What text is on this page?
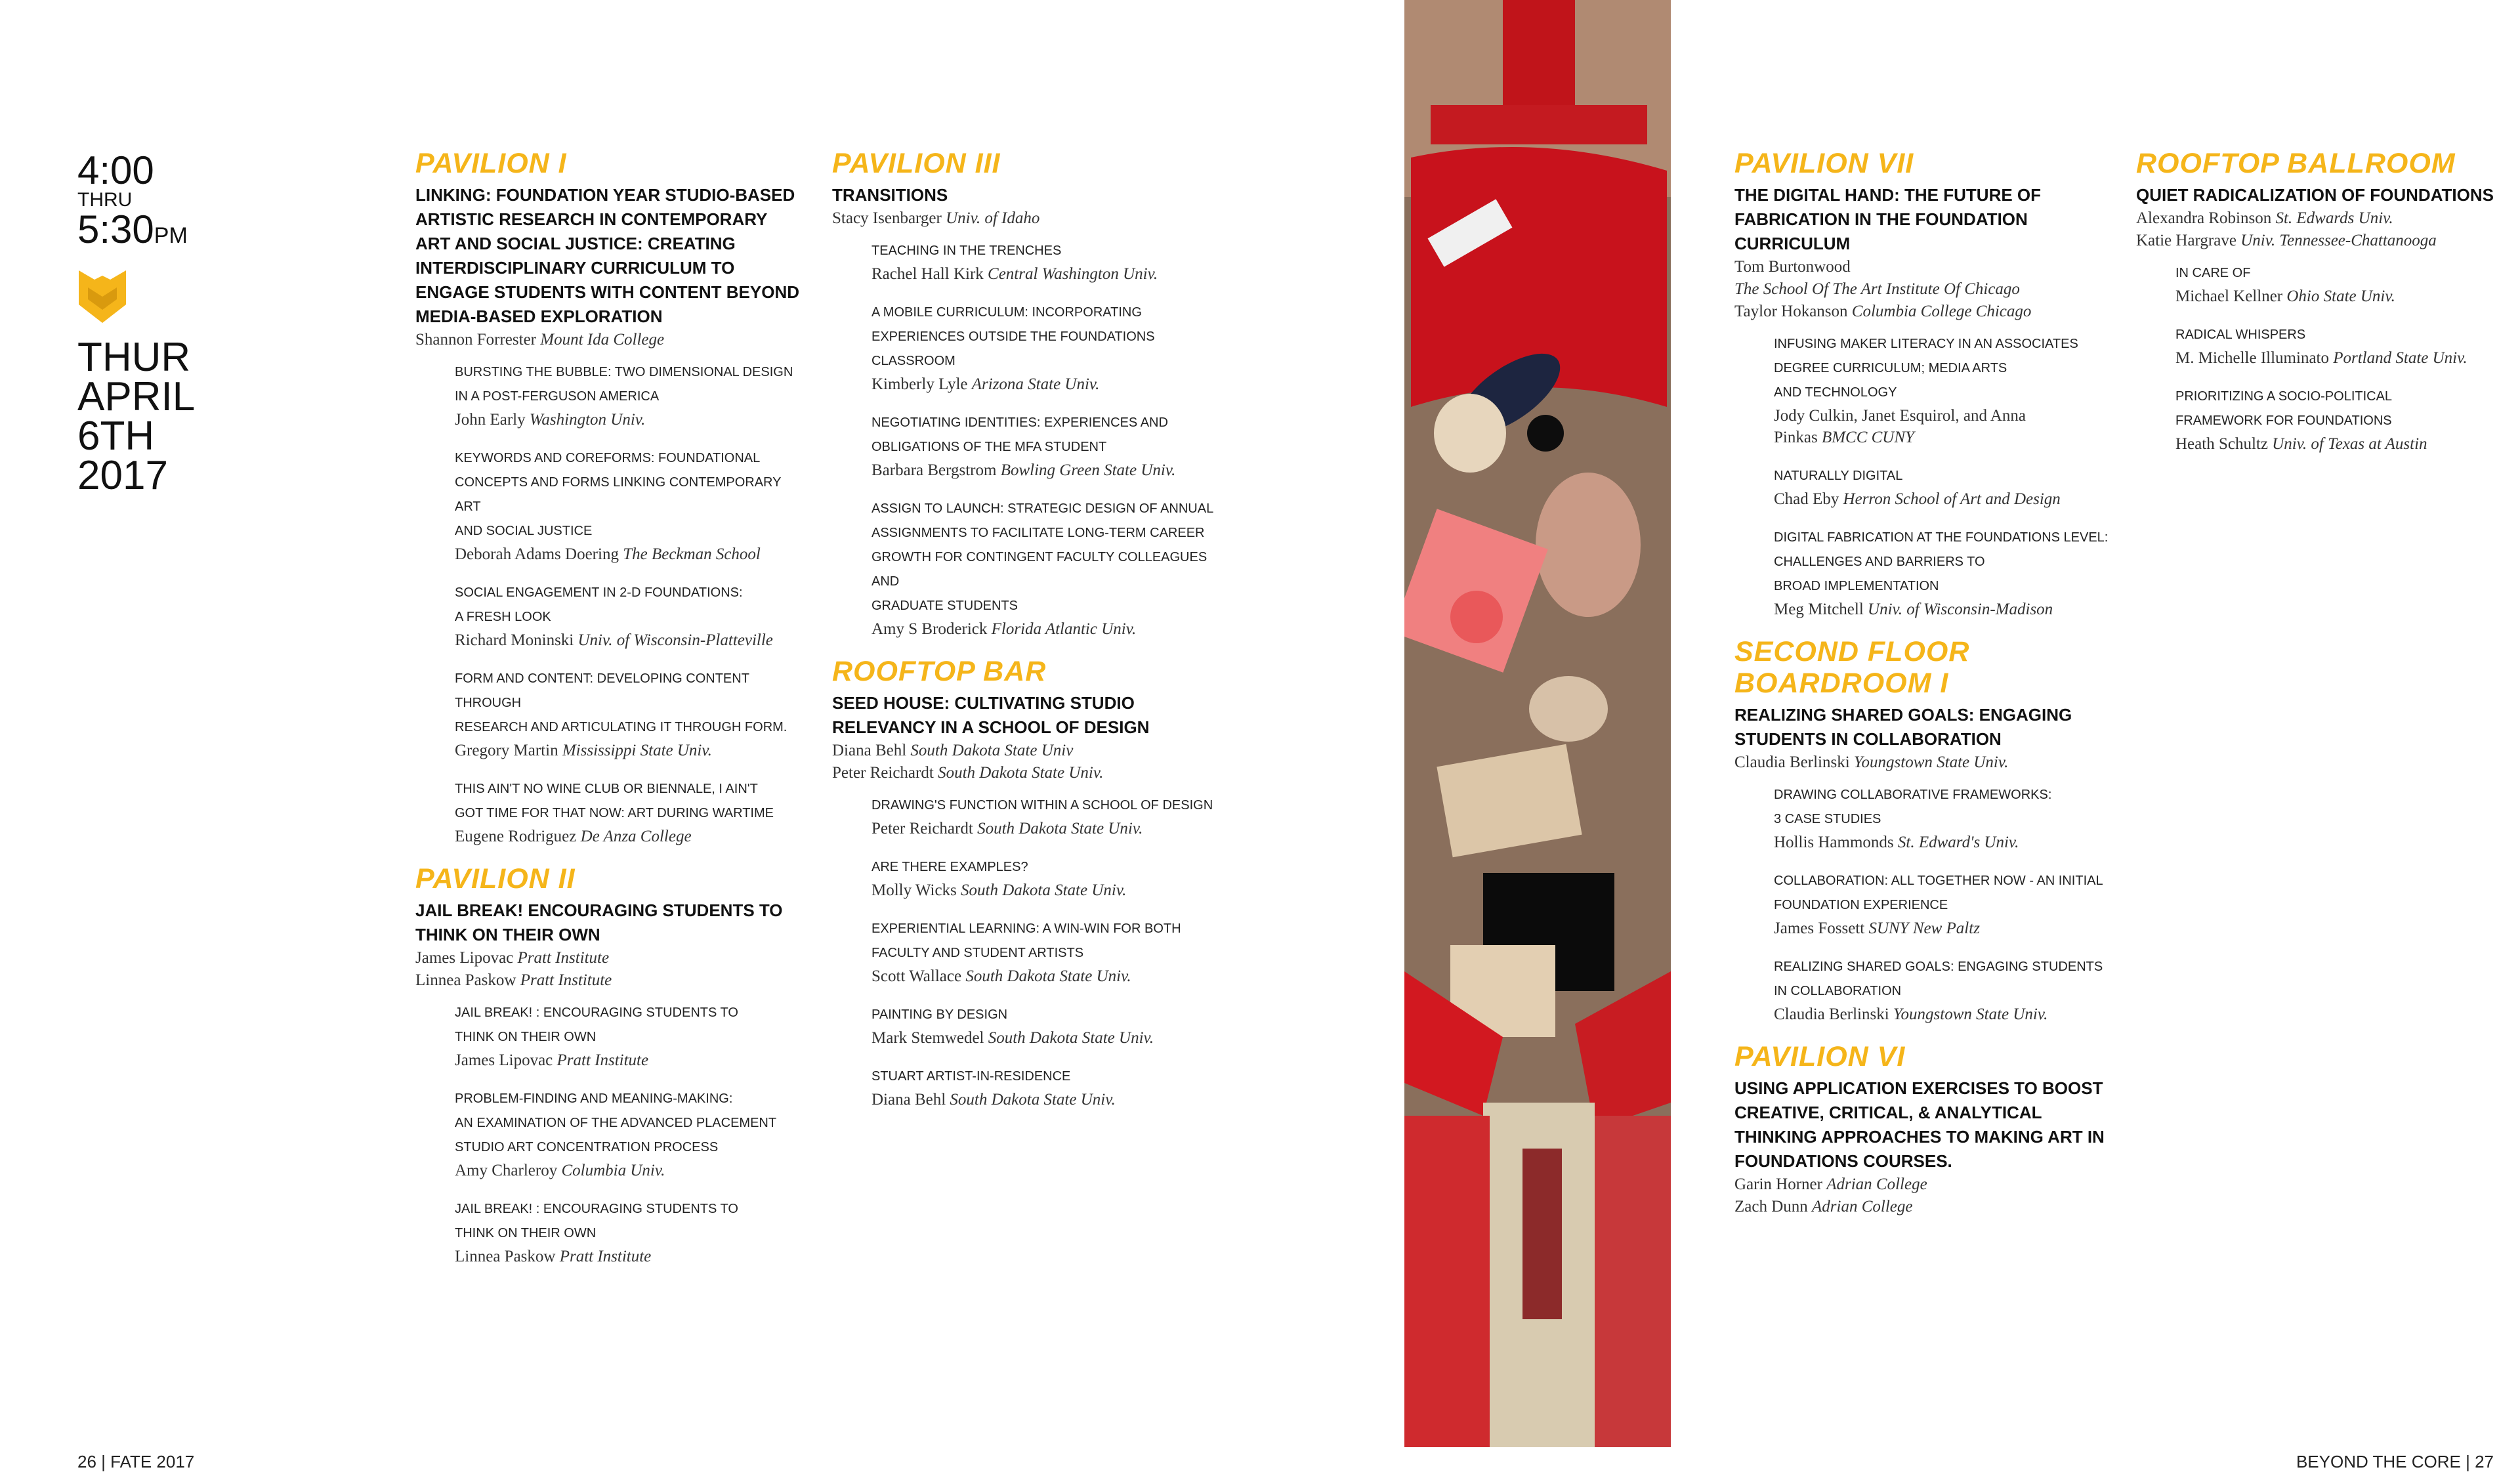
4:00
THRU
5:30PM
THUR
APRIL
6TH
2017
PAVILION I
LINKING: FOUNDATION YEAR STUDIO-BASED ARTISTIC RESEARCH IN CONTEMPORARY ART AND SOCIAL JUSTICE: CREATING INTERDISCIPLINARY CURRICULUM TO ENGAGE STUDENTS WITH CONTENT BEYOND MEDIA-BASED EXPLORATION
Shannon Forrester Mount Ida College
BURSTING THE BUBBLE: TWO DIMENSIONAL DESIGN
IN A POST-FERGUSON AMERICA
John Early Washington Univ.
KEYWORDS AND COREFORMS: FOUNDATIONAL
CONCEPTS AND FORMS LINKING CONTEMPORARY ART
AND SOCIAL JUSTICE
Deborah Adams Doering The Beckman School
SOCIAL ENGAGEMENT IN 2-D FOUNDATIONS:
A FRESH LOOK
Richard Moninski Univ. of Wisconsin-Platteville
FORM AND CONTENT: DEVELOPING CONTENT THROUGH
RESEARCH AND ARTICULATING IT THROUGH FORM.
Gregory Martin Mississippi State Univ.
THIS AIN'T NO WINE CLUB OR BIENNALE, I AIN'T
GOT TIME FOR THAT NOW: ART DURING WARTIME
Eugene Rodriguez De Anza College
PAVILION II
JAIL BREAK! ENCOURAGING STUDENTS TO THINK ON THEIR OWN
James Lipovac Pratt Institute
Linnea Paskow Pratt Institute
JAIL BREAK! : ENCOURAGING STUDENTS TO
THINK ON THEIR OWN
James Lipovac Pratt Institute
PROBLEM-FINDING AND MEANING-MAKING:
AN EXAMINATION OF THE ADVANCED PLACEMENT
STUDIO ART CONCENTRATION PROCESS
Amy Charleroy Columbia Univ.
JAIL BREAK! : ENCOURAGING STUDENTS TO
THINK ON THEIR OWN
Linnea Paskow Pratt Institute
PAVILION III
TRANSITIONS
Stacy Isenbarger Univ. of Idaho
TEACHING IN THE TRENCHES
Rachel Hall Kirk Central Washington Univ.
A MOBILE CURRICULUM: INCORPORATING
EXPERIENCES OUTSIDE THE FOUNDATIONS CLASSROOM
Kimberly Lyle Arizona State Univ.
NEGOTIATING IDENTITIES: EXPERIENCES AND
OBLIGATIONS OF THE MFA STUDENT
Barbara Bergstrom Bowling Green State Univ.
ASSIGN TO LAUNCH: STRATEGIC DESIGN OF ANNUAL
ASSIGNMENTS TO FACILITATE LONG-TERM CAREER
GROWTH FOR CONTINGENT FACULTY COLLEAGUES AND
GRADUATE STUDENTS
Amy S Broderick Florida Atlantic Univ.
ROOFTOP BAR
SEED HOUSE: CULTIVATING STUDIO RELEVANCY IN A SCHOOL OF DESIGN
Diana Behl South Dakota State Univ
Peter Reichardt South Dakota State Univ.
DRAWING'S FUNCTION WITHIN A SCHOOL OF DESIGN
Peter Reichardt South Dakota State Univ.
ARE THERE EXAMPLES?
Molly Wicks South Dakota State Univ.
EXPERIENTIAL LEARNING: A WIN-WIN FOR BOTH
FACULTY AND STUDENT ARTISTS
Scott Wallace South Dakota State Univ.
PAINTING BY DESIGN
Mark Stemwedel South Dakota State Univ.
STUART ARTIST-IN-RESIDENCE
Diana Behl South Dakota State Univ.
PAVILION VII
THE DIGITAL HAND: THE FUTURE OF FABRICATION IN THE FOUNDATION CURRICULUM
Tom Burtonwood
The School Of The Art Institute Of Chicago
Taylor Hokanson Columbia College Chicago
INFUSING MAKER LITERACY IN AN ASSOCIATES
DEGREE CURRICULUM; MEDIA ARTS
AND TECHNOLOGY
Jody Culkin, Janet Esquirol, and Anna
Pinkas BMCC CUNY
NATURALLY DIGITAL
Chad Eby Herron School of Art and Design
DIGITAL FABRICATION AT THE FOUNDATIONS LEVEL:
CHALLENGES AND BARRIERS TO
BROAD IMPLEMENTATION
Meg Mitchell Univ. of Wisconsin-Madison
SECOND FLOOR BOARDROOM I
REALIZING SHARED GOALS: ENGAGING STUDENTS IN COLLABORATION
Claudia Berlinski Youngstown State Univ.
DRAWING COLLABORATIVE FRAMEWORKS:
3 CASE STUDIES
Hollis Hammonds St. Edward's Univ.
COLLABORATION: ALL TOGETHER NOW - AN INITIAL
FOUNDATION EXPERIENCE
James Fossett SUNY New Paltz
REALIZING SHARED GOALS: ENGAGING STUDENTS
IN COLLABORATION
Claudia Berlinski Youngstown State Univ.
PAVILION VI
USING APPLICATION EXERCISES TO BOOST CREATIVE, CRITICAL, & ANALYTICAL THINKING APPROACHES TO MAKING ART IN FOUNDATIONS COURSES.
Garin Horner Adrian College
Zach Dunn Adrian College
ROOFTOP BALLROOM
QUIET RADICALIZATION OF FOUNDATIONS
Alexandra Robinson St. Edwards Univ.
Katie Hargrave Univ. Tennessee-Chattanooga
IN CARE OF
Michael Kellner Ohio State Univ.
RADICAL WHISPERS
M. Michelle Illuminato Portland State Univ.
PRIORITIZING A SOCIO-POLITICAL
FRAMEWORK FOR FOUNDATIONS
Heath Schultz Univ. of Texas at Austin
26 | FATE 2017	BEYOND THE CORE | 27
